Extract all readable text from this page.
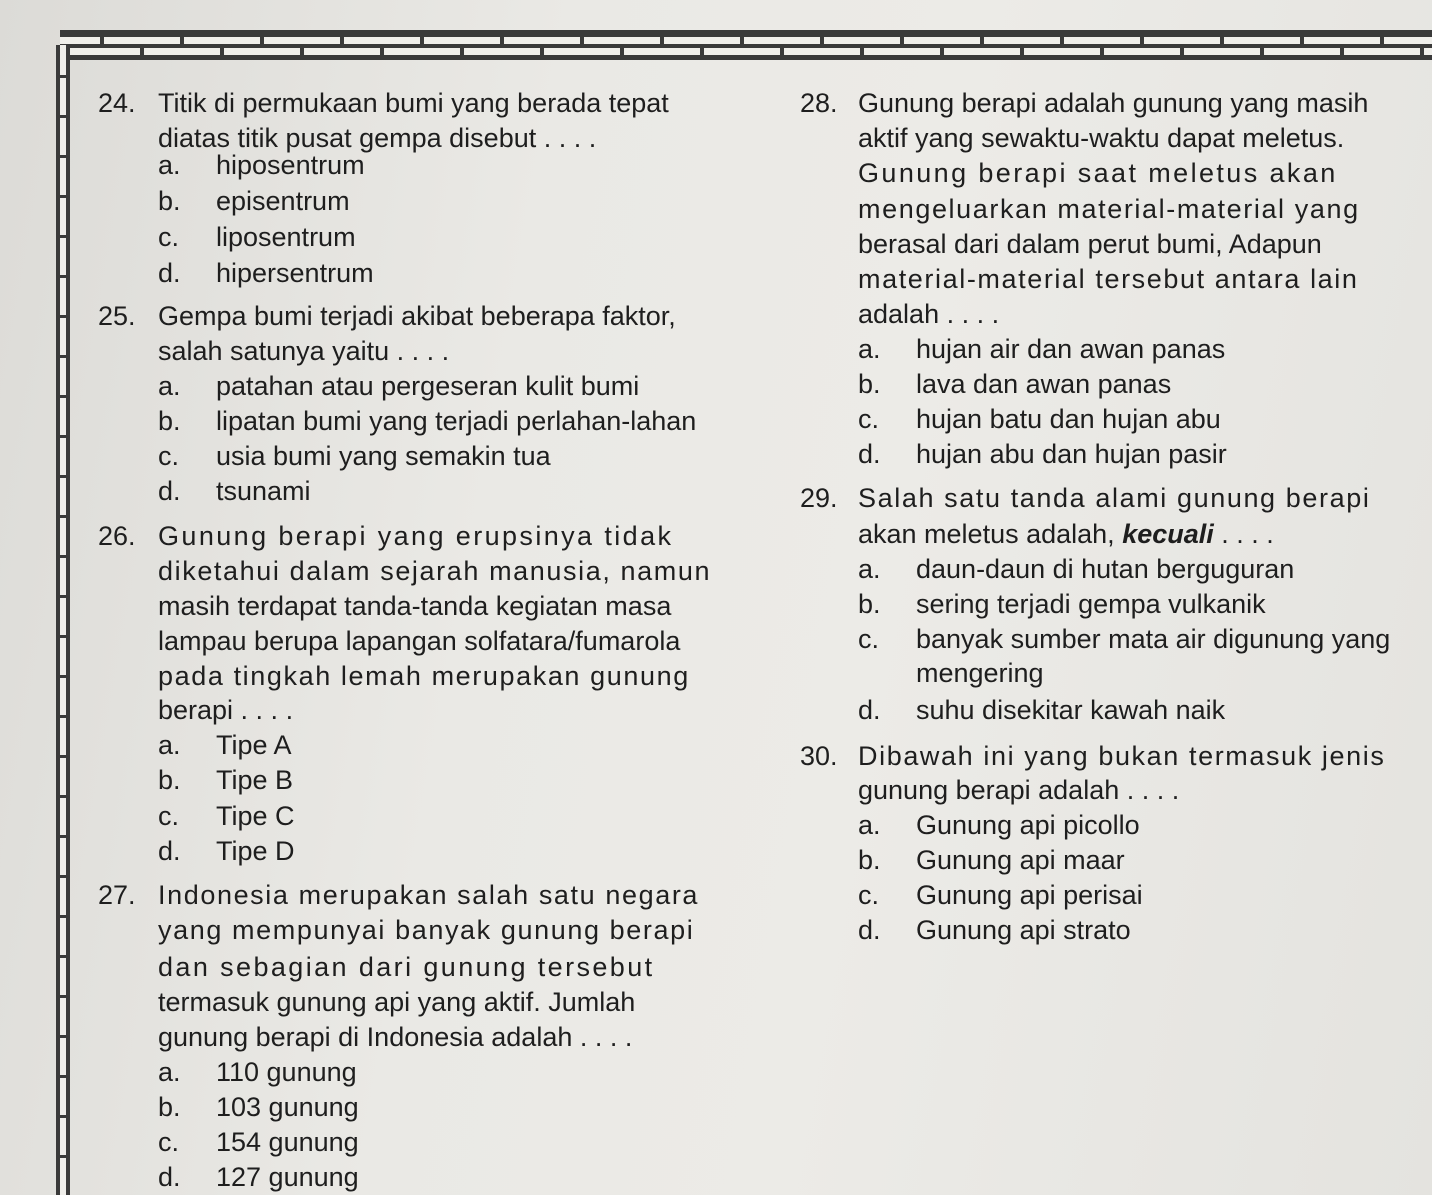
24. Titik di permukaan bumi yang berada tepat
diatas titik pusat gempa disebut . . . .
a. hiposentrum
b. episentrum
c. liposentrum
d. hipersentrum
25. Gempa bumi terjadi akibat beberapa faktor,
salah satunya yaitu . . . .
a. patahan atau pergeseran kulit bumi
b. lipatan bumi yang terjadi perlahan-lahan
c. usia bumi yang semakin tua
d. tsunami
26. Gunung berapi yang erupsinya tidak
diketahui dalam sejarah manusia, namun
masih terdapat tanda-tanda kegiatan masa
lampau berupa lapangan solfatara/fumarola
pada tingkah lemah merupakan gunung
berapi . . . .
a. Tipe A
b. Tipe B
c. Tipe C
d. Tipe D
27. Indonesia merupakan salah satu negara
yang mempunyai banyak gunung berapi
dan sebagian dari gunung tersebut
termasuk gunung api yang aktif. Jumlah
gunung berapi di Indonesia adalah . . . .
a. 110 gunung
b. 103 gunung
c. 154 gunung
d. 127 gunung
28. Gunung berapi adalah gunung yang masih
aktif yang sewaktu-waktu dapat meletus.
Gunung berapi saat meletus akan
mengeluarkan material-material yang
berasal dari dalam perut bumi, Adapun
material-material tersebut antara lain
adalah . . . .
a. hujan air dan awan panas
b. lava dan awan panas
c. hujan batu dan hujan abu
d. hujan abu dan hujan pasir
29. Salah satu tanda alami gunung berapi
akan meletus adalah, kecuali . . . .
a. daun-daun di hutan berguguran
b. sering terjadi gempa vulkanik
c. banyak sumber mata air digunung yang
mengering
d. suhu disekitar kawah naik
30. Dibawah ini yang bukan termasuk jenis
gunung berapi adalah . . . .
a. Gunung api picollo
b. Gunung api maar
c. Gunung api perisai
d. Gunung api strato
